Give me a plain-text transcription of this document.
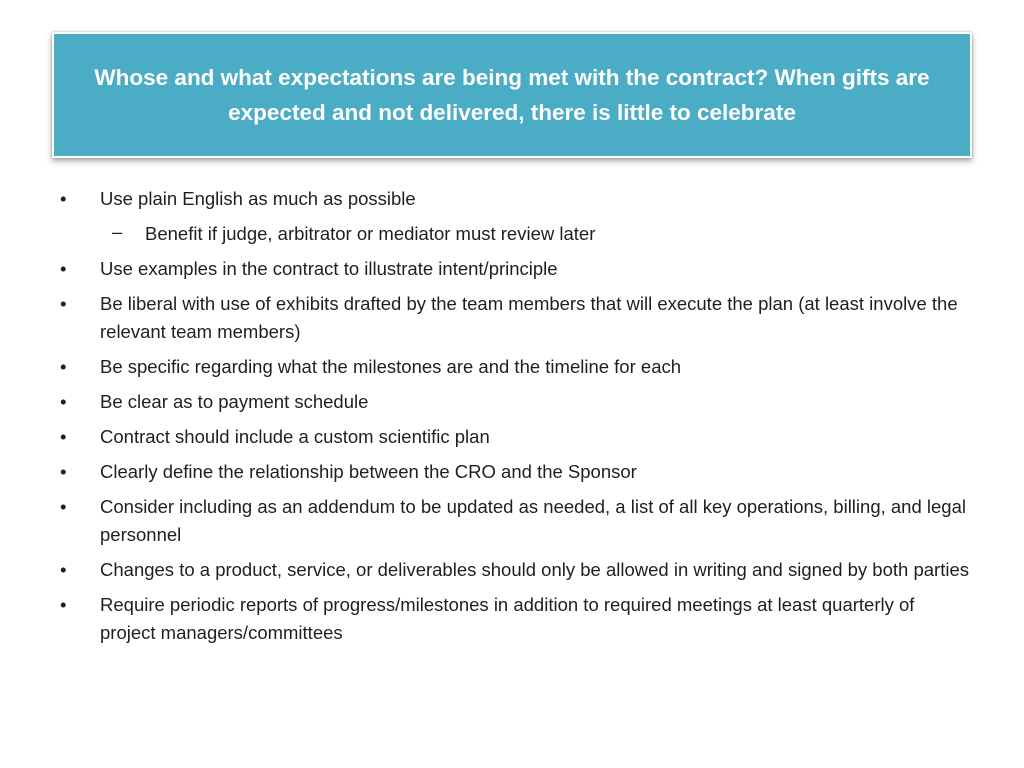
Whose and what expectations are being met with the contract? When gifts are expected and not delivered, there is little to celebrate

•	Use plain English as much as possible
– Benefit if judge, arbitrator or mediator must review later
•	Use examples in the contract to illustrate intent/principle
•	Be liberal with use of exhibits drafted by the team members that will execute the plan (at least involve the relevant team members)
•	Be specific regarding what the milestones are and the timeline for each
•	Be clear as to payment schedule
•	Contract should include a custom scientific plan
•	Clearly define the relationship between the CRO and the Sponsor
•	Consider including as an addendum to be updated as needed, a list of all key operations, billing, and legal personnel
•	Changes to a product, service, or deliverables should only be allowed in writing and signed by both parties
•	Require periodic reports of progress/milestones in addition to required meetings at least quarterly of project managers/committees
